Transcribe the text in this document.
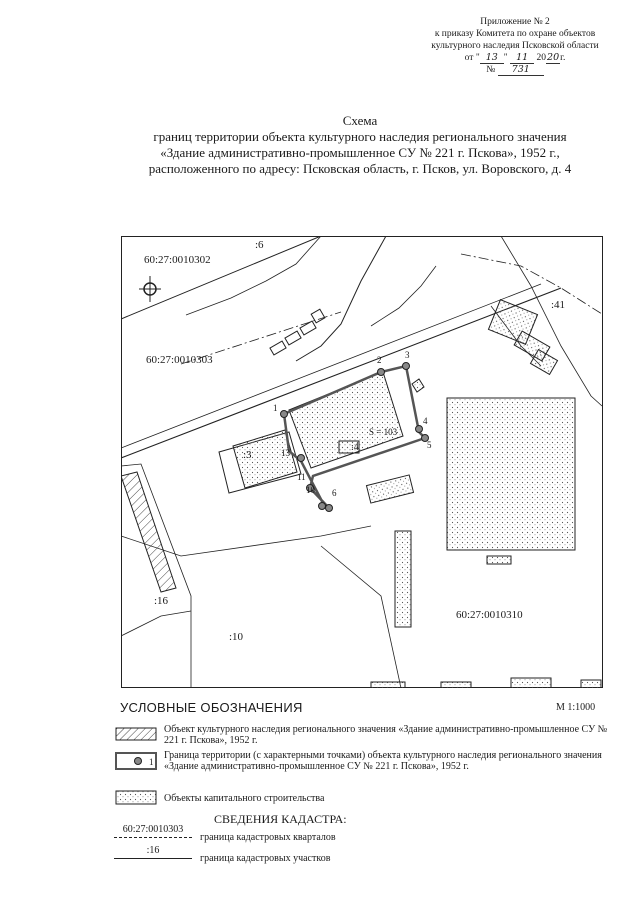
Приложение № 2
к приказу Комитета по охране объектов
культурного наследия Псковской области
от " 13 " 11 2020г.
№ 731
Схема
границ территории объекта культурного наследия регионального значения
«Здание административно-промышленное СУ № 221 г. Пскова», 1952 г.,
расположенного по адресу: Псковская область, г. Псков, ул. Воровского, д. 4
1
2	3
4
5
6
10
11
13
60:27:0010302
60:27:0010303
60:27:0010310
:6
:41
:3
:4
:16
:10
S = 103
УСЛОВНЫЕ ОБОЗНАЧЕНИЯ	М 1:1000
Объект культурного наследия регионального значения «Здание административно-промышленное СУ № 221 г. Пскова», 1952 г.
1
Граница территории (с характерными точками) объекта культурного наследия регионального значения «Здание административно-промышленное СУ № 221 г. Пскова», 1952 г.
Объекты капитального строительства
СВЕДЕНИЯ КАДАСТРА:
60:27:0010303
граница кадастровых кварталов
:16
граница кадастровых участков
